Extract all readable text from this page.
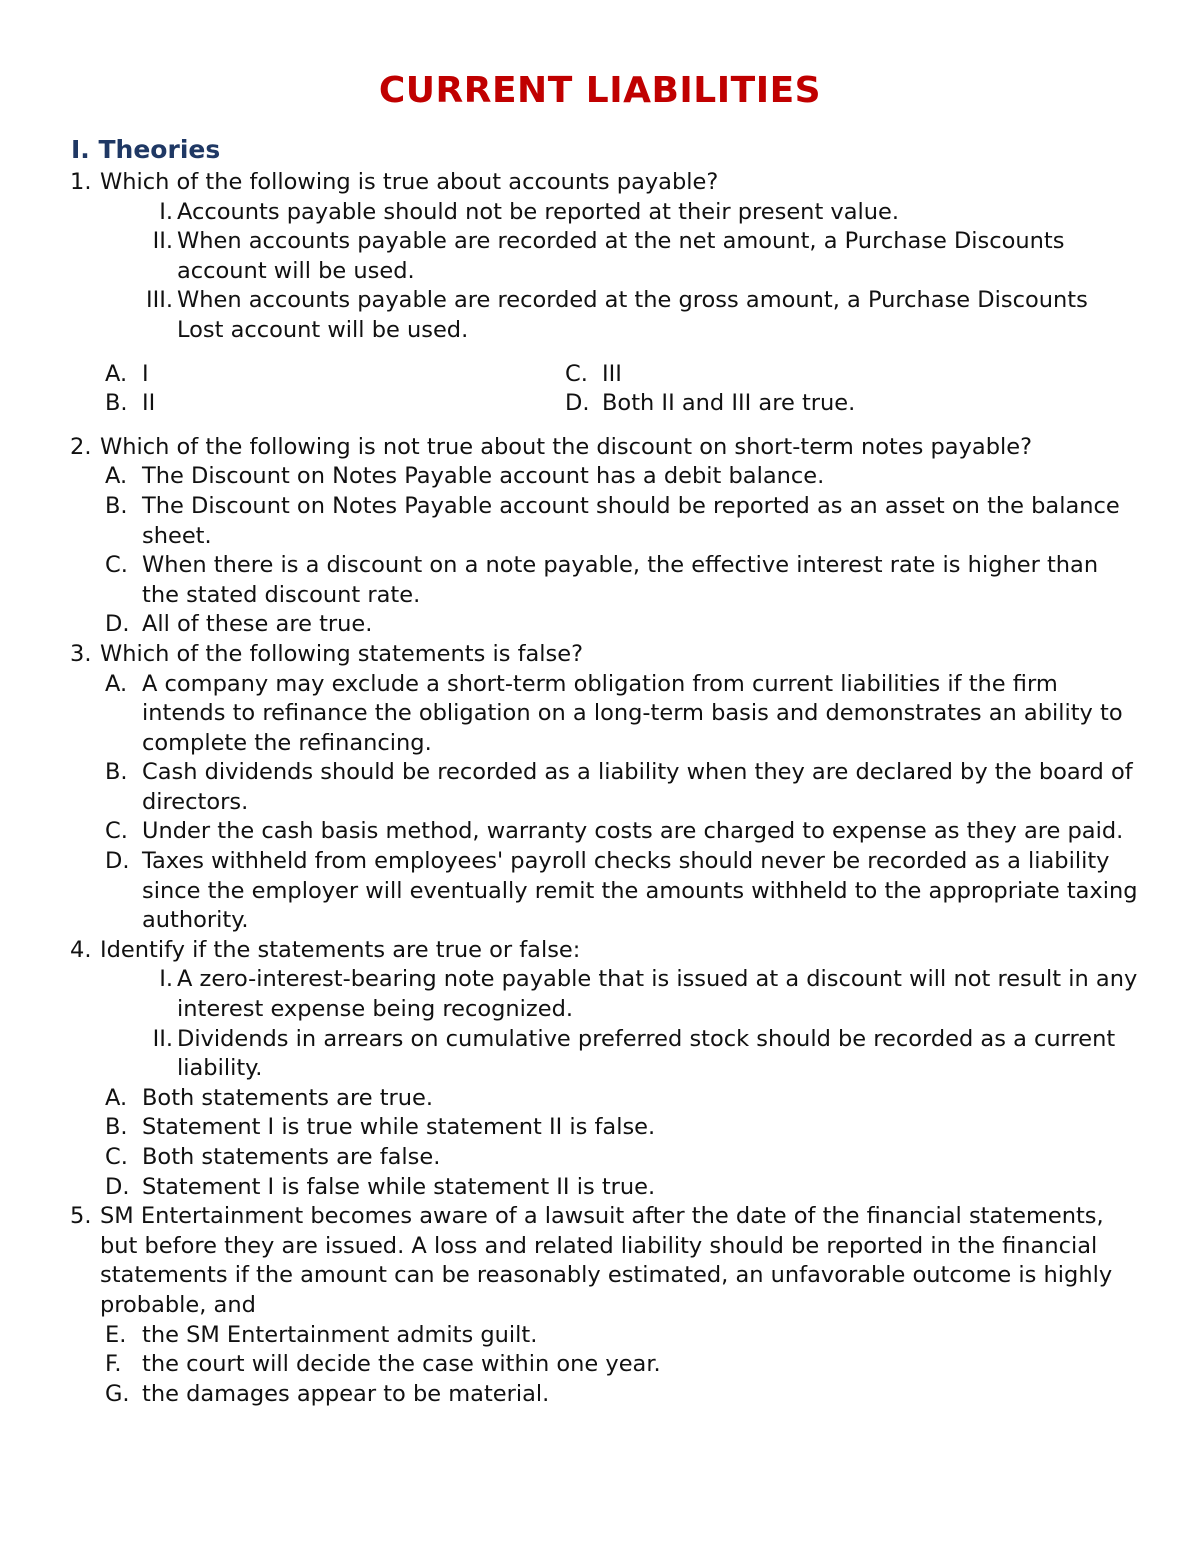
CURRENT LIABILITIES
I. Theories
1. Which of the following is true about accounts payable?
I. Accounts payable should not be reported at their present value.
II. When accounts payable are recorded at the net amount, a Purchase Discounts account will be used.
III. When accounts payable are recorded at the gross amount, a Purchase Discounts Lost account will be used.
A. I
B. II
C. III
D. Both II and III are true.
2. Which of the following is not true about the discount on short-term notes payable?
A. The Discount on Notes Payable account has a debit balance.
B. The Discount on Notes Payable account should be reported as an asset on the balance sheet.
C. When there is a discount on a note payable, the effective interest rate is higher than the stated discount rate.
D. All of these are true.
3. Which of the following statements is false?
A. A company may exclude a short-term obligation from current liabilities if the firm intends to refinance the obligation on a long-term basis and demonstrates an ability to complete the refinancing.
B. Cash dividends should be recorded as a liability when they are declared by the board of directors.
C. Under the cash basis method, warranty costs are charged to expense as they are paid.
D. Taxes withheld from employees' payroll checks should never be recorded as a liability since the employer will eventually remit the amounts withheld to the appropriate taxing authority.
4. Identify if the statements are true or false:
I. A zero-interest-bearing note payable that is issued at a discount will not result in any interest expense being recognized.
II. Dividends in arrears on cumulative preferred stock should be recorded as a current liability.
A. Both statements are true.
B. Statement I is true while statement II is false.
C. Both statements are false.
D. Statement I is false while statement II is true.
5. SM Entertainment becomes aware of a lawsuit after the date of the financial statements, but before they are issued. A loss and related liability should be reported in the financial statements if the amount can be reasonably estimated, an unfavorable outcome is highly probable, and
E. the SM Entertainment admits guilt.
F. the court will decide the case within one year.
G. the damages appear to be material.
